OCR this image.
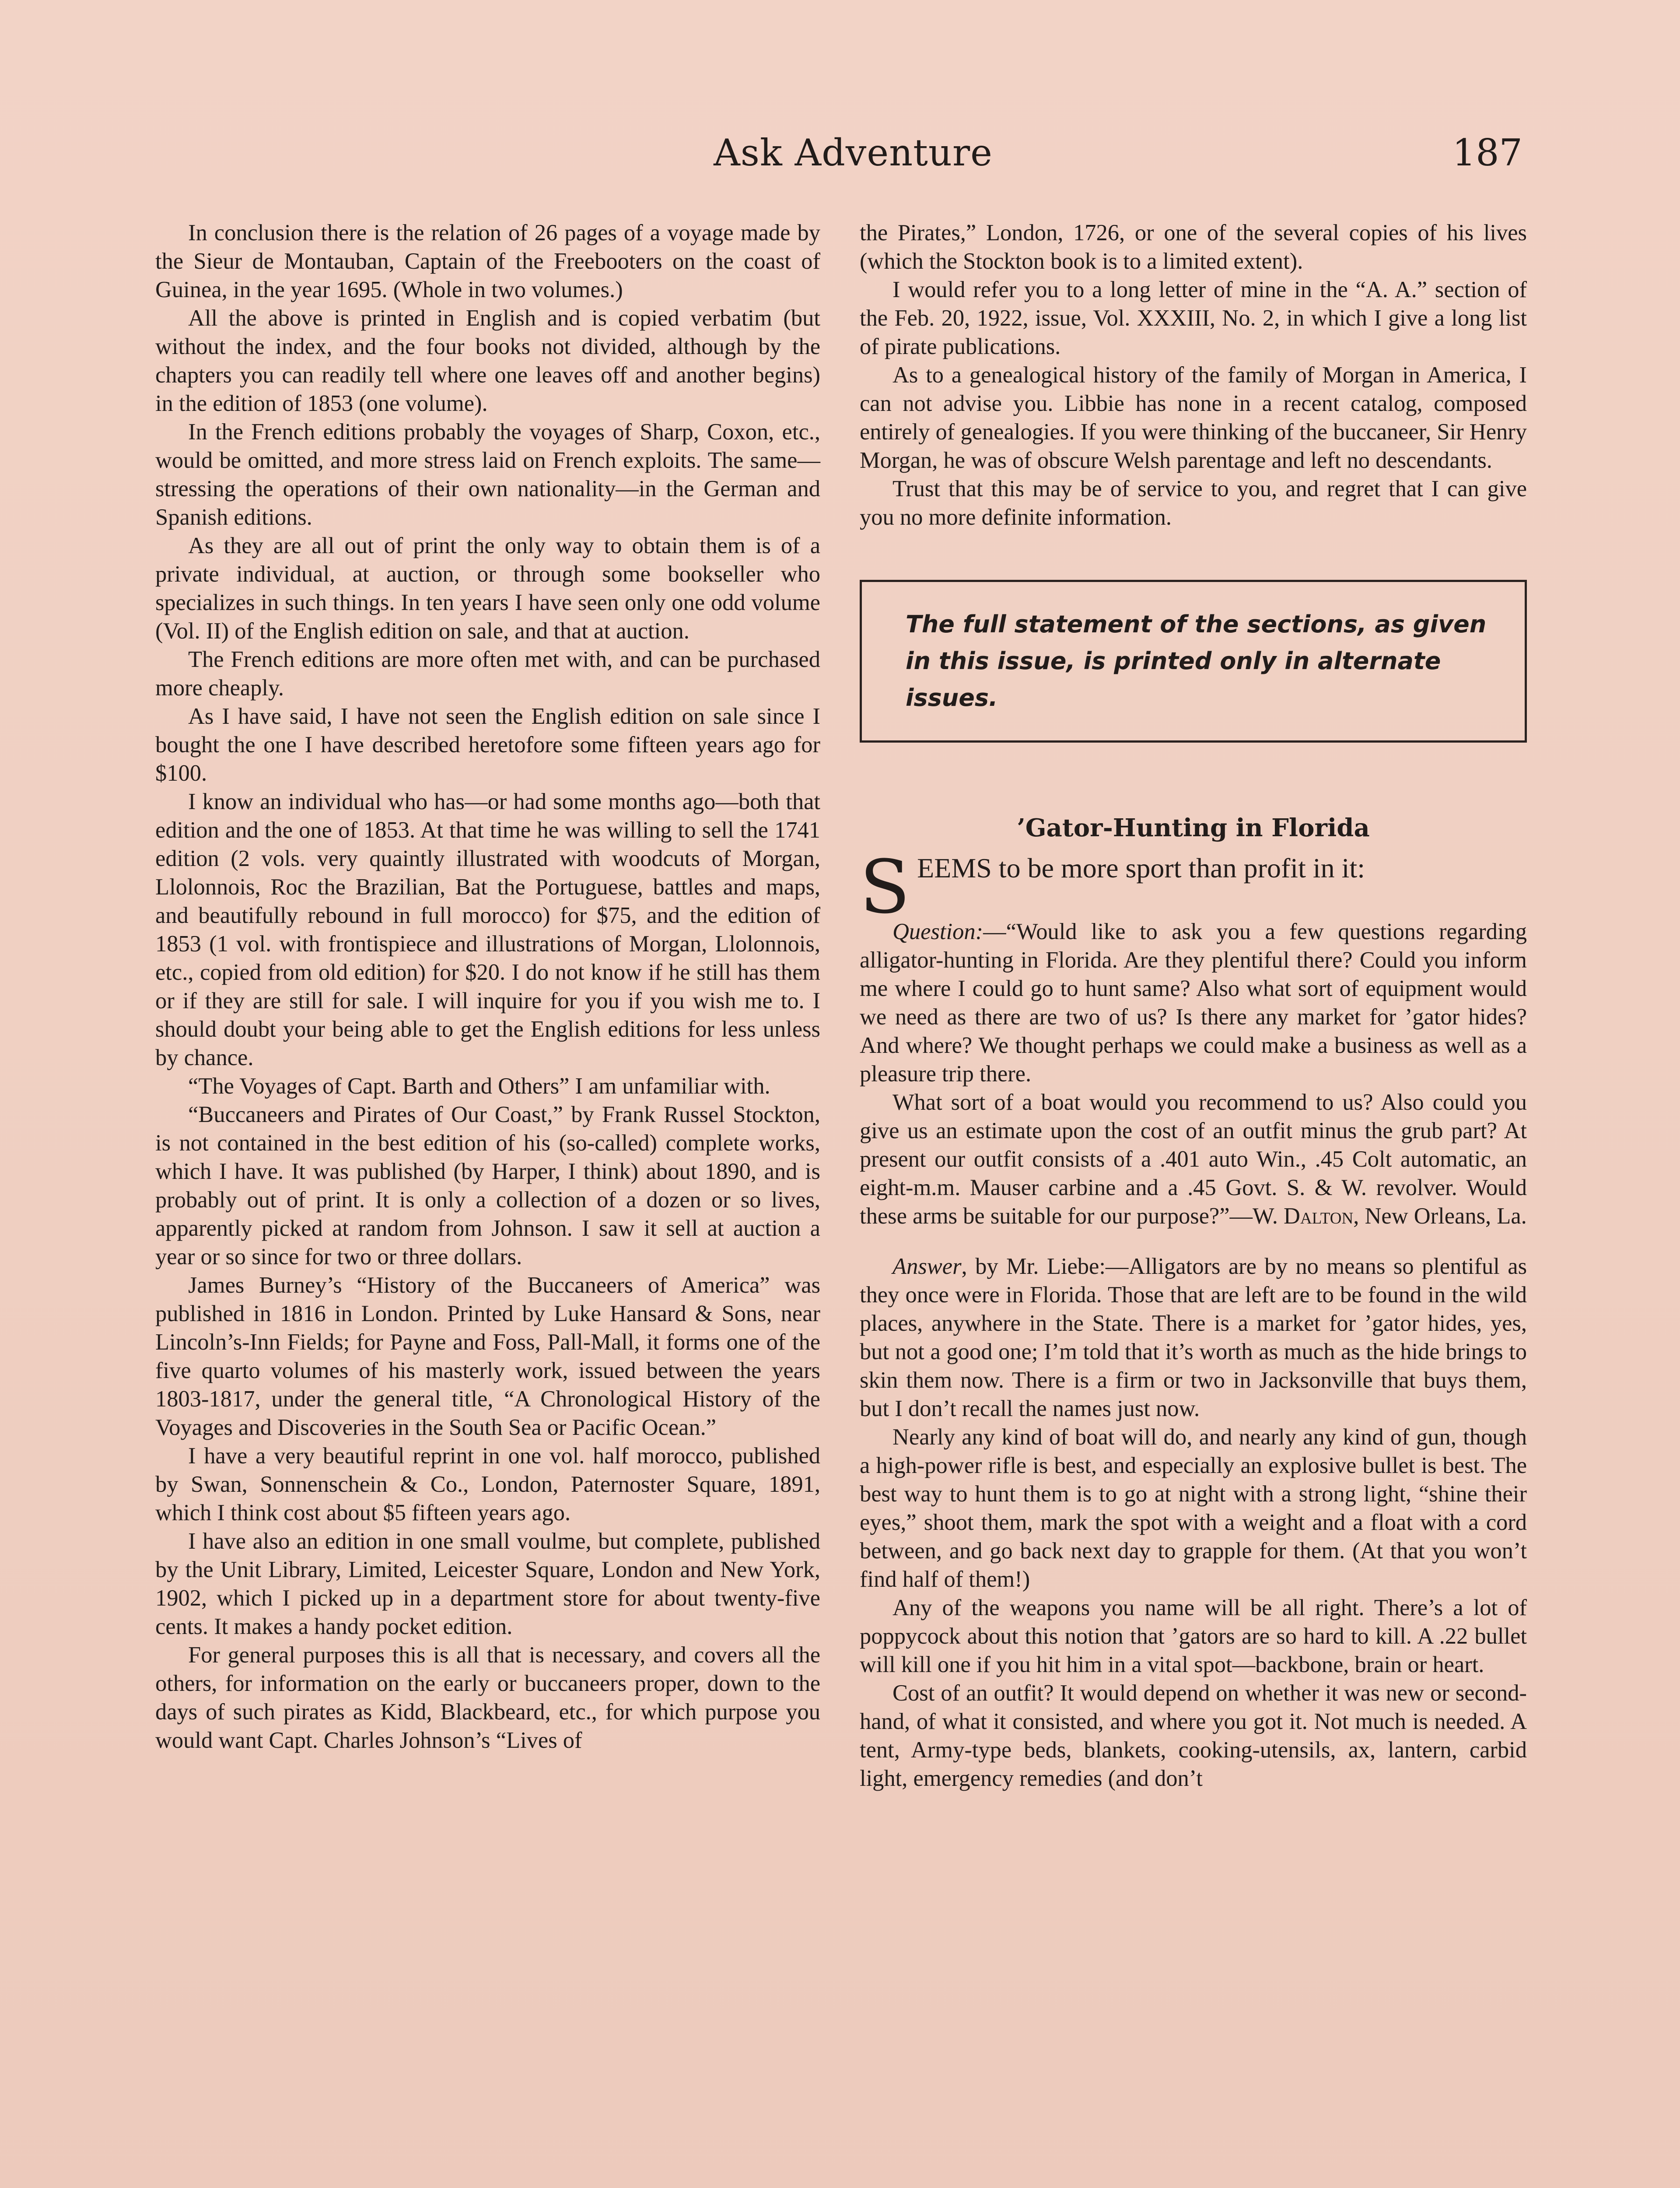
Ask Adventure	187

In conclusion there is the relation of 26 pages of a voyage made by the Sieur de Montauban, Captain of the Freebooters on the coast of Guinea, in the year 1695. (Whole in two volumes.)

All the above is printed in English and is copied verbatim (but without the index, and the four books not divided, although by the chapters you can readily tell where one leaves off and another begins) in the edition of 1853 (one volume).

In the French editions probably the voyages of Sharp, Coxon, etc., would be omitted, and more stress laid on French exploits. The same—stressing the operations of their own nationality—in the German and Spanish editions.

As they are all out of print the only way to obtain them is of a private individual, at auction, or through some bookseller who specializes in such things. In ten years I have seen only one odd volume (Vol. II) of the English edition on sale, and that at auction.

The French editions are more often met with, and can be purchased more cheaply.

As I have said, I have not seen the English edition on sale since I bought the one I have described heretofore some fifteen years ago for $100.

I know an individual who has—or had some months ago—both that edition and the one of 1853. At that time he was willing to sell the 1741 edition (2 vols. very quaintly illustrated with woodcuts of Morgan, Llolonnois, Roc the Brazilian, Bat the Portuguese, battles and maps, and beautifully rebound in full morocco) for $75, and the edition of 1853 (1 vol. with frontispiece and illustrations of Morgan, Llolonnois, etc., copied from old edition) for $20. I do not know if he still has them or if they are still for sale. I will inquire for you if you wish me to. I should doubt your being able to get the English editions for less unless by chance.

“The Voyages of Capt. Barth and Others” I am unfamiliar with.

“Buccaneers and Pirates of Our Coast,” by Frank Russel Stockton, is not contained in the best edition of his (so-called) complete works, which I have. It was published (by Harper, I think) about 1890, and is probably out of print. It is only a collection of a dozen or so lives, apparently picked at random from Johnson. I saw it sell at auction a year or so since for two or three dollars.

James Burney’s “History of the Buccaneers of America” was published in 1816 in London. Printed by Luke Hansard & Sons, near Lincoln’s-Inn Fields; for Payne and Foss, Pall-Mall, it forms one of the five quarto volumes of his masterly work, issued between the years 1803-1817, under the general title, “A Chronological History of the Voyages and Discoveries in the South Sea or Pacific Ocean.”

I have a very beautiful reprint in one vol. half morocco, published by Swan, Sonnenschein & Co., London, Paternoster Square, 1891, which I think cost about $5 fifteen years ago.

I have also an edition in one small voulme, but complete, published by the Unit Library, Limited, Leicester Square, London and New York, 1902, which I picked up in a department store for about twenty-five cents. It makes a handy pocket edition.

For general purposes this is all that is necessary, and covers all the others, for information on the early or buccaneers proper, down to the days of such pirates as Kidd, Blackbeard, etc., for which purpose you would want Capt. Charles Johnson’s “Lives of

the Pirates,” London, 1726, or one of the several copies of his lives (which the Stockton book is to a limited extent).

I would refer you to a long letter of mine in the “A. A.” section of the Feb. 20, 1922, issue, Vol. XXXIII, No. 2, in which I give a long list of pirate publications.

As to a genealogical history of the family of Morgan in America, I can not advise you. Libbie has none in a recent catalog, composed entirely of genealogies. If you were thinking of the buccaneer, Sir Henry Morgan, he was of obscure Welsh parentage and left no descendants.

Trust that this may be of service to you, and regret that I can give you no more definite information.

The full statement of the sections, as given in this issue, is printed only in alternate issues.
’Gator-Hunting in Florida
SEEMS to be more sport than profit in it:

Question:—“Would like to ask you a few questions regarding alligator-hunting in Florida. Are they plentiful there? Could you inform me where I could go to hunt same? Also what sort of equipment would we need as there are two of us? Is there any market for ’gator hides? And where? We thought perhaps we could make a business as well as a pleasure trip there.

What sort of a boat would you recommend to us? Also could you give us an estimate upon the cost of an outfit minus the grub part? At present our outfit consists of a .401 auto Win., .45 Colt automatic, an eight-m.m. Mauser carbine and a .45 Govt. S. & W. revolver. Would these arms be suitable for our purpose?”—W. Dalton, New Orleans, La.

Answer, by Mr. Liebe:—Alligators are by no means so plentiful as they once were in Florida. Those that are left are to be found in the wild places, anywhere in the State. There is a market for ’gator hides, yes, but not a good one; I’m told that it’s worth as much as the hide brings to skin them now. There is a firm or two in Jacksonville that buys them, but I don’t recall the names just now.

Nearly any kind of boat will do, and nearly any kind of gun, though a high-power rifle is best, and especially an explosive bullet is best. The best way to hunt them is to go at night with a strong light, “shine their eyes,” shoot them, mark the spot with a weight and a float with a cord between, and go back next day to grapple for them. (At that you won’t find half of them!)

Any of the weapons you name will be all right. There’s a lot of poppycock about this notion that ’gators are so hard to kill. A .22 bullet will kill one if you hit him in a vital spot—backbone, brain or heart.

Cost of an outfit? It would depend on whether it was new or second-hand, of what it consisted, and where you got it. Not much is needed. A tent, Army-type beds, blankets, cooking-utensils, ax, lantern, carbid light, emergency remedies (and don’t
